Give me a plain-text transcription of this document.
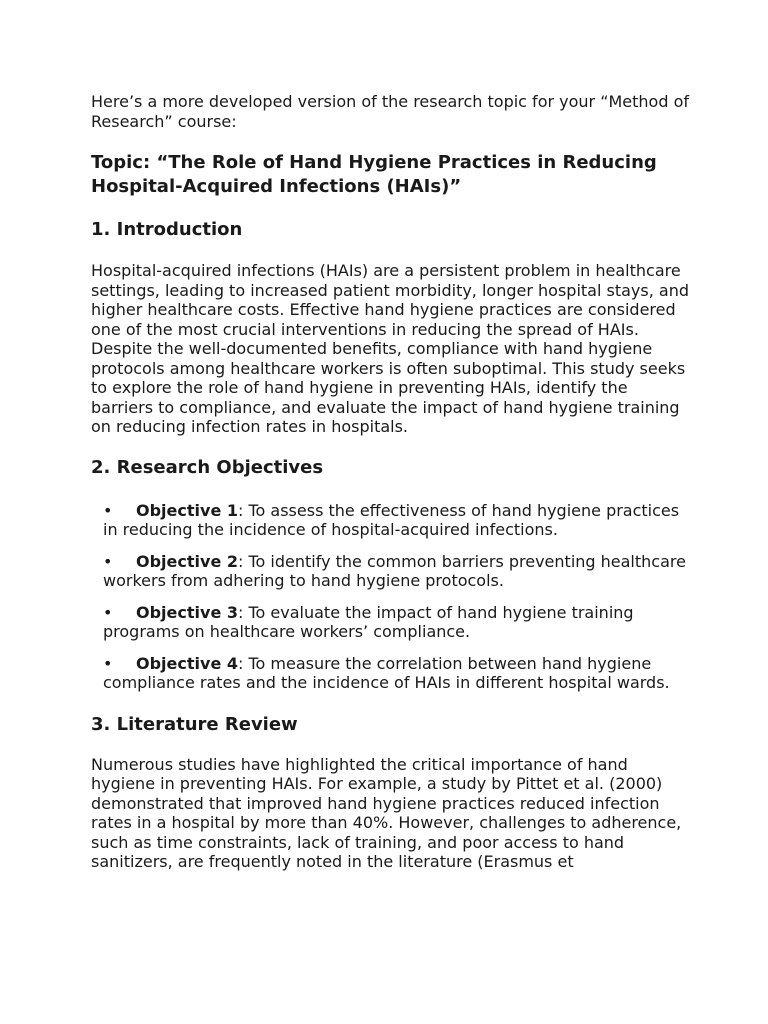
Here’s a more developed version of the research topic for your “Method of Research” course:

Topic: “The Role of Hand Hygiene Practices in Reducing Hospital-Acquired Infections (HAIs)”

1. Introduction

Hospital-acquired infections (HAIs) are a persistent problem in healthcare settings, leading to increased patient morbidity, longer hospital stays, and higher healthcare costs. Effective hand hygiene practices are considered one of the most crucial interventions in reducing the spread of HAIs. Despite the well-documented benefits, compliance with hand hygiene protocols among healthcare workers is often suboptimal. This study seeks to explore the role of hand hygiene in preventing HAIs, identify the barriers to compliance, and evaluate the impact of hand hygiene training on reducing infection rates in hospitals.

2. Research Objectives
• Objective 1: To assess the effectiveness of hand hygiene practices in reducing the incidence of hospital-acquired infections.
• Objective 2: To identify the common barriers preventing healthcare workers from adhering to hand hygiene protocols.
• Objective 3: To evaluate the impact of hand hygiene training programs on healthcare workers’ compliance.
• Objective 4: To measure the correlation between hand hygiene compliance rates and the incidence of HAIs in different hospital wards.
3. Literature Review

Numerous studies have highlighted the critical importance of hand hygiene in preventing HAIs. For example, a study by Pittet et al. (2000) demonstrated that improved hand hygiene practices reduced infection rates in a hospital by more than 40%. However, challenges to adherence, such as time constraints, lack of training, and poor access to hand sanitizers, are frequently noted in the literature (Erasmus et
